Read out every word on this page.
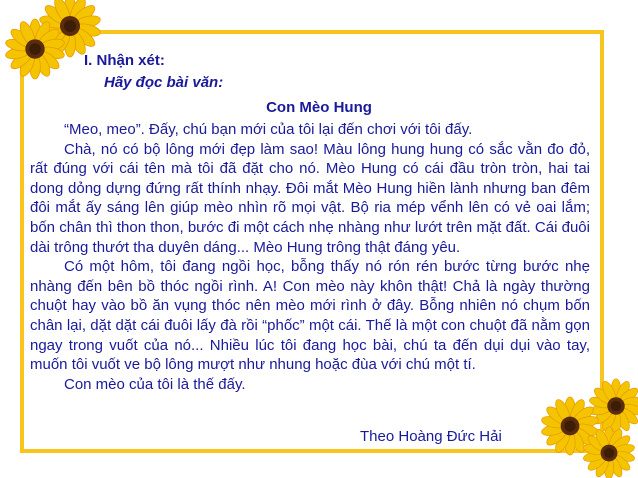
I. Nhận xét:
Hãy đọc bài văn:
Con Mèo Hung

“Meo, meo”. Đấy, chú bạn mới của tôi lại đến chơi với tôi đấy.

Chà, nó có bộ lông mới đẹp làm sao! Màu lông hung hung có sắc vằn đo đỏ, rất đúng với cái tên mà tôi đã đặt cho nó. Mèo Hung có cái đầu tròn tròn, hai tai dong dỏng dựng đứng rất thính nhạy. Đôi mắt Mèo Hung hiền lành nhưng ban đêm đôi mắt ấy sáng lên giúp mèo nhìn rõ mọi vật. Bộ ria mép vểnh lên có vẻ oai lắm; bốn chân thì thon thon, bước đi một cách nhẹ nhàng như lướt trên mặt đất. Cái đuôi dài trông thướt tha duyên dáng... Mèo Hung trông thật đáng yêu.

Có một hôm, tôi đang ngồi học, bỗng thấy nó rón rén bước từng bước nhẹ nhàng đến bên bồ thóc ngồi rình. A! Con mèo này khôn thật! Chả là ngày thường chuột hay vào bồ ăn vụng thóc nên mèo mới rình ở đây. Bỗng nhiên nó chụm bốn chân lại, dặt dặt cái đuôi lấy đà rồi “phốc” một cái. Thế là một con chuột đã nằm gọn ngay trong vuốt của nó... Nhiều lúc tôi đang học bài, chú ta đến dụi dụi vào tay, muốn tôi vuốt ve bộ lông mượt như nhung hoặc đùa với chú một tí.

Con mèo của tôi là thế đấy.

Theo Hoàng Đức Hải
